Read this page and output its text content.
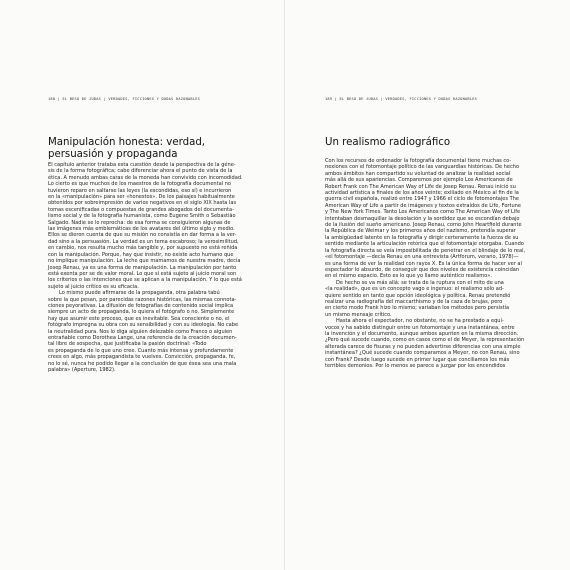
188 | EL BESO DE JUDAS | VERDADES, FICCIONES Y DUDAS RAZONABLES
Manipulación honesta: verdad, persuasión y propaganda
El capítulo anterior trataba esta cuestión desde la perspectiva de la géne-
sis de la forma fotográfica; cabe diferenciar ahora el punto de vista de la
ética. A menudo ambas caras de la moneda han convivido con incomodidad.
Lo cierto es que muchos de los maestros de la fotografía documental no
tuvieron reparo en saltarse las leyes (la escondidas, eso sí) e incurrieron
en la «manipulación» para ser «honestos». De los paisajes habitualmente
obtenidos por sobreimpresión de varios negativos en el siglo XIX hasta las
tomas escenificadas o compuestas de grandes abogados del documenta-
lismo social y de la fotografía humanista, como Eugene Smith o Sebastião
Salgado. Nadie se lo reprocha: de esa forma se consiguieron algunas de
las imágenes más emblemáticas de los avatares del último siglo y medio.
Ellos se dieron cuenta de que su misión no consistía en dar forma a la ver-
dad sino a la persuasión. La verdad es un tema escabroso; la verosimilitud,
en cambio, nos resulta mucho más tangible y, por supuesto no está reñida
con la manipulación. Porque, hay que insistir, no existe acto humano que
no implique manipulación. La leche que mamamos de nuestra madre, decía
Josep Renau, ya es una forma de manipulación. La manipulación por tanto
está exenta per se de valor moral. Lo que sí está sujeto al juicio moral son
los criterios o las intenciones que se aplican a la manipulación. Y lo que está
sujeto al juicio crítico es su eficacia.
Lo mismo puede afirmarse de la propaganda, otra palabra tabú
sobre la que pesan, por parecidas razones históricas, las mismas connota-
ciones peyorativas. La difusión de fotografías de contenido social implica
siempre un acto de propaganda, lo quiera el fotógrafo o no. Simplemente
hay que asumir este proceso, que es inevitable. Sea consciente o no, el
fotógrafo impregna su obra con su sensibilidad y con su ideología. No cabe
la neutralidad pura. Nos lo diga alguien delezable como Franco o alguien
entrañable como Dorothea Lange, una referencia de la creación documen-
tal libre de sospecha, que justificaba la pasión doctrinal: «Todo
es propaganda de lo que uno cree. Cuanto más intensa y profundamente
crees en algo, más propagandista te vuelves. Convicción, propaganda, fe,
no lo sé, nunca he podido llegar a la conclusión de que ésea sea una mala
palabra» (Aperture, 1982).
189 | EL BESO DE JUDAS | VERDADES, FICCIONES Y DUDAS RAZONABLES
Un realismo radiográfico
Con los recursos de ordenador la fotografía documental tiene muchas co-
nexiones con el fotomontaje político de las vanguardias históricas. De hecho
ambos ámbitos han compartido su voluntad de analizar la realidad social
más allá de sus apariencias. Comparemos por ejemplo Los Americanos de
Robert Frank con The American Way of Life de Josep Renau. Renau inició su
actividad artística a finales de los años veinte; exiliado en México al fin de la
guerra civil española, realizó entre 1947 y 1966 el ciclo de fotomontajes The
American Way of Life a partir de imágenes y textos extraídos de Life, Fortune
y The New York Times. Tanto Los Americanos como The American Way of Life
intentaban desmaquillar la desolación y la sordidez que se escondían debajo
de la ilusión del sueño americano. Josep Renau, como John Heartfield durante
la República de Weimar y los primeros años del nazismo, pretendía superar
la ambigüedad latente en la fotografía y dirigir certeramente la fuerza de su
sentido mediante la articulación retórica que el fotomontaje otorgaba. Cuando
la fotografía directa se veía imposibilitada de penetrar en el blindaje de lo real,
«el fotomontaje —decía Renau en una entrevista (Artforum, verano, 1978)—
es una forma de ver la realidad con rayos X. Es la única forma de hacer ver al
espectador lo absurdo, de conseguir que dos niveles de existencia coincidan
en el mismo espacio. Esto es lo que yo llamo auténtico realismo».
De hecho se va más allá: se trata de la ruptura con el mito de una
«la realidad», que es un concepto vago e ingenuo: el realismo sólo ad-
quiere sentido en tanto que opción ideológica y política. Renau pretendió
realizar una radiografía del maccarthismo y de la caza de brujas, pero
en cierto modo Frank hizo lo mismo; variaban los métodos pero persistía
un mismo mensaje crítico.
Hasta ahora el espectador, no obstante, no se ha prestado a equí-
vocos y ha sabido distinguir entre un fotomontaje y una instantánea, entre
la invención y el documento, aunque ambos apunten en la misma dirección.
¿Pero qué sucede cuando, como en casos como el de Meyer, la representación
alterada carece de fisuras y no pueden advertirse diferencias con una simple
instantánea? ¿Qué sucede cuando comparamos a Meyer, no con Renau, sino
con Frank? Desde luego sucede en primer lugar que conciliamos los más
terribles demonios. Por lo menos se parece a juzgar por los encendidos
